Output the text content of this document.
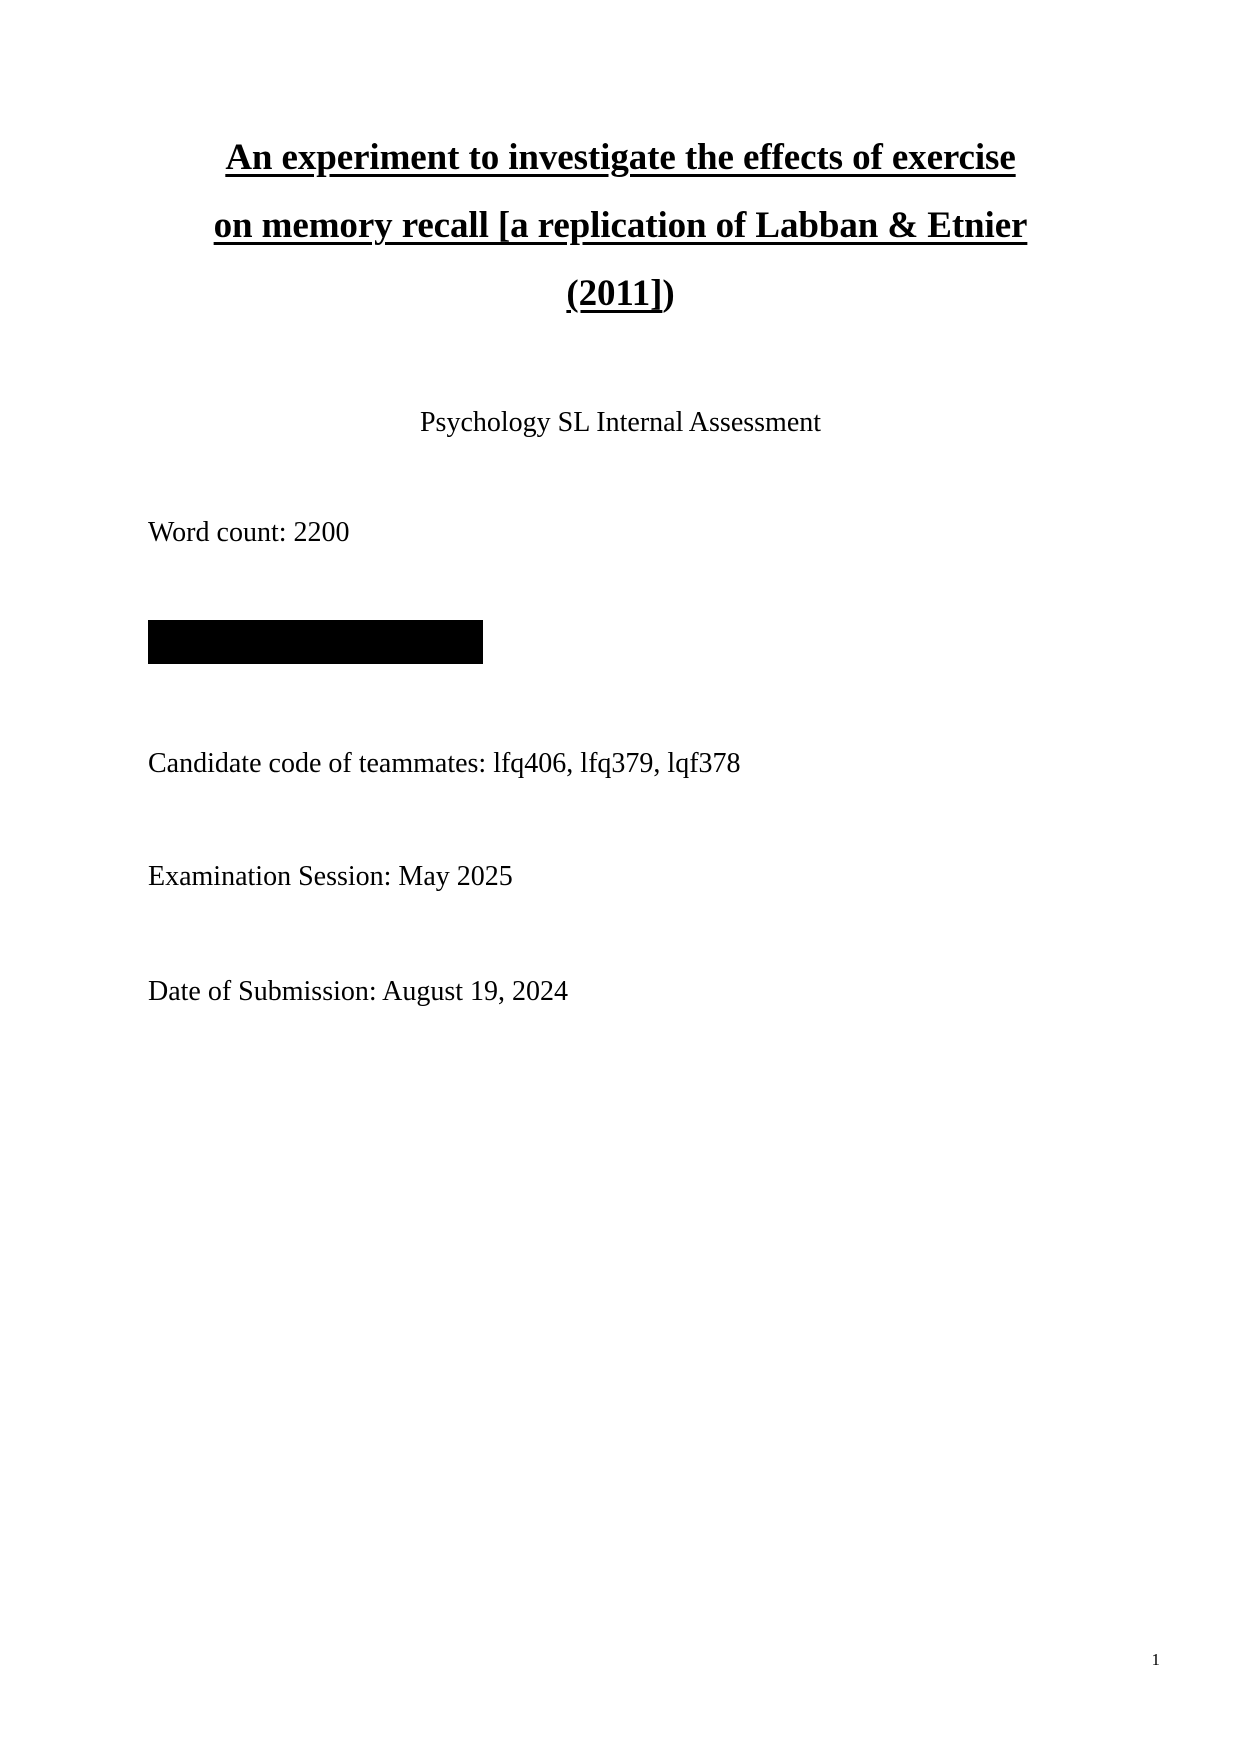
An experiment to investigate the effects of exercise
on memory recall [a replication of Labban & Etnier
(2011])
Psychology SL Internal Assessment
Word count: 2200
Candidate code of teammates: lfq406, lfq379, lqf378
Examination Session: May 2025
Date of Submission: August 19, 2024
1
